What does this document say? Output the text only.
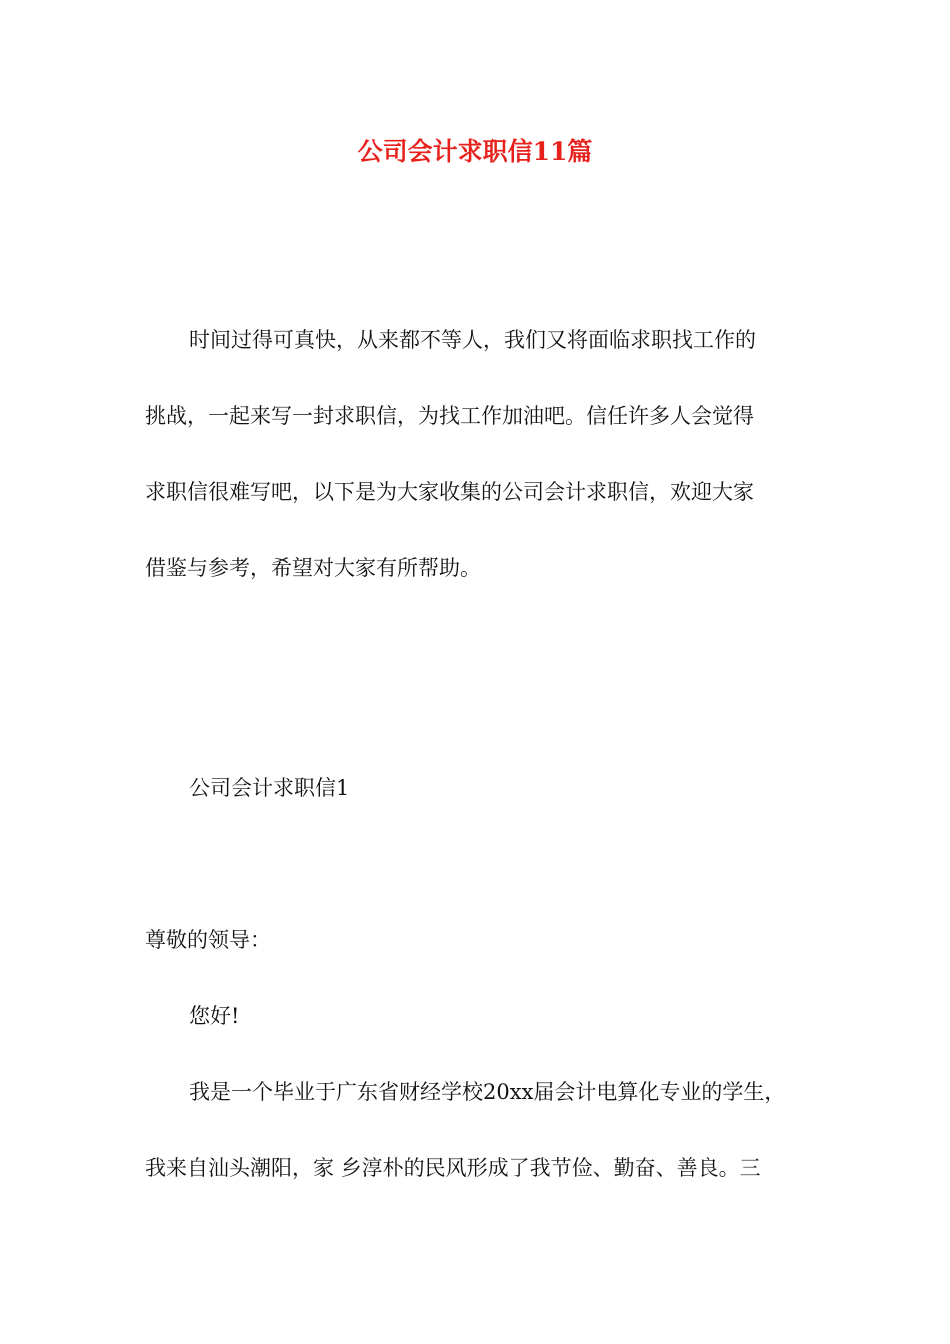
公司会计求职信11篇
时间过得可真快，从来都不等人，我们又将面临求职找工作的
挑战，一起来写一封求职信，为找工作加油吧。信任许多人会觉得
求职信很难写吧，以下是为大家收集的公司会计求职信，欢迎大家
借鉴与参考，希望对大家有所帮助。
公司会计求职信1
尊敬的领导：
您好!
我是一个毕业于广东省财经学校20xx届会计电算化专业的学生，
我来自汕头潮阳，家 乡淳朴的民风形成了我节俭、勤奋、善良。三
